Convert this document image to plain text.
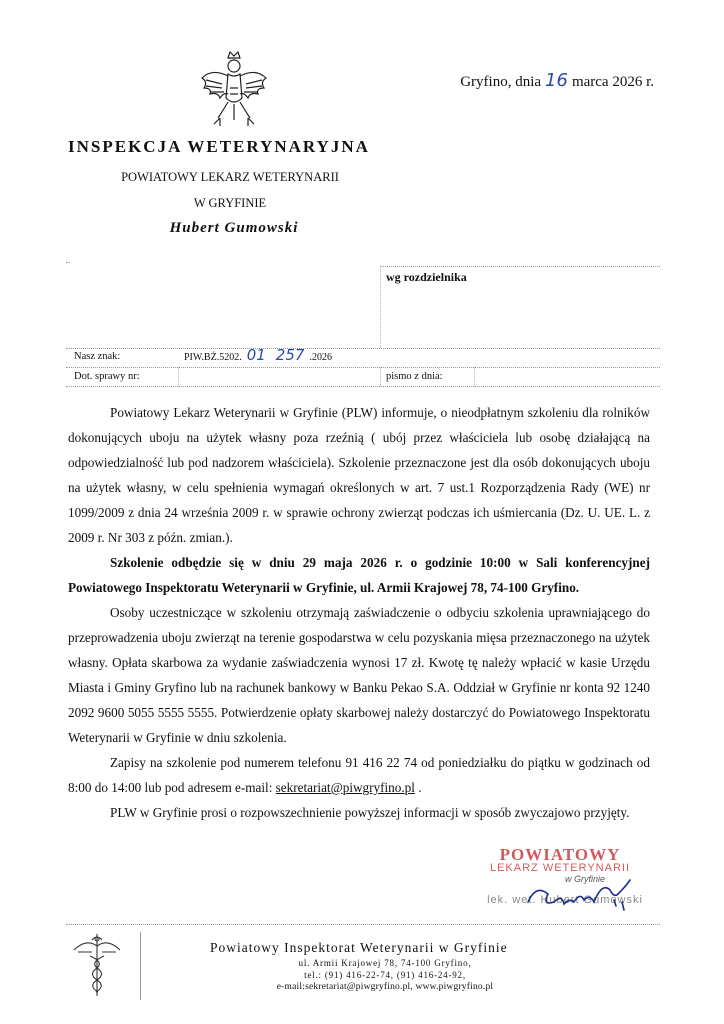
Gryfino, dnia 16 marca 2026 r.
INSPEKCJA WETERYNARYJNA
POWIATOWY LEKARZ WETERYNARII
W GRYFINIE
Hubert Gumowski
wg rozdzielnika
Nasz znak:	PIW.BŻ.5202. 01 257 .2026
Dot. sprawy nr:	pismo z dnia:

Powiatowy Lekarz Weterynarii w Gryfinie (PLW) informuje, o nieodpłatnym szkoleniu dla rolników dokonujących uboju na użytek własny poza rzeźnią ( ubój przez właściciela lub osobę działającą na odpowiedzialność lub pod nadzorem właściciela). Szkolenie przeznaczone jest dla osób dokonujących uboju na użytek własny, w celu spełnienia wymagań określonych w art. 7 ust.1 Rozporządzenia Rady (WE) nr 1099/2009 z dnia 24 września 2009 r. w sprawie ochrony zwierząt podczas ich uśmiercania (Dz. U. UE. L. z 2009 r. Nr 303 z późn. zmian.).

Szkolenie odbędzie się w dniu 29 maja 2026 r. o godzinie 10:00 w Sali konferencyjnej Powiatowego Inspektoratu Weterynarii w Gryfinie, ul. Armii Krajowej 78, 74-100 Gryfino.

Osoby uczestniczące w szkoleniu otrzymają zaświadczenie o odbyciu szkolenia uprawniającego do przeprowadzenia uboju zwierząt na terenie gospodarstwa w celu pozyskania mięsa przeznaczonego na użytek własny. Opłata skarbowa za wydanie zaświadczenia wynosi 17 zł. Kwotę tę należy wpłacić w kasie Urzędu Miasta i Gminy Gryfino lub na rachunek bankowy w Banku Pekao S.A. Oddział w Gryfinie nr konta 92 1240 2092 9600 5055 5555 5555. Potwierdzenie opłaty skarbowej należy dostarczyć do Powiatowego Inspektoratu Weterynarii w Gryfinie w dniu szkolenia.

Zapisy na szkolenie pod numerem telefonu 91 416 22 74 od poniedziałku do piątku w godzinach od 8:00 do 14:00 lub pod adresem e-mail: sekretariat@piwgryfino.pl .

PLW w Gryfinie prosi o rozpowszechnienie powyższej informacji w sposób zwyczajowo przyjęty.

POWIATOWY
LEKARZ WETERYNARII
w Gryfinie
lek. wet. Hubert Gumowski
Powiatowy Inspektorat Weterynarii w Gryfinie
ul. Armii Krajowej 78, 74-100 Gryfino,
tel.: (91) 416-22-74, (91) 416-24-92,
e-mail:sekretariat@piwgryfino.pl, www.piwgryfino.pl
